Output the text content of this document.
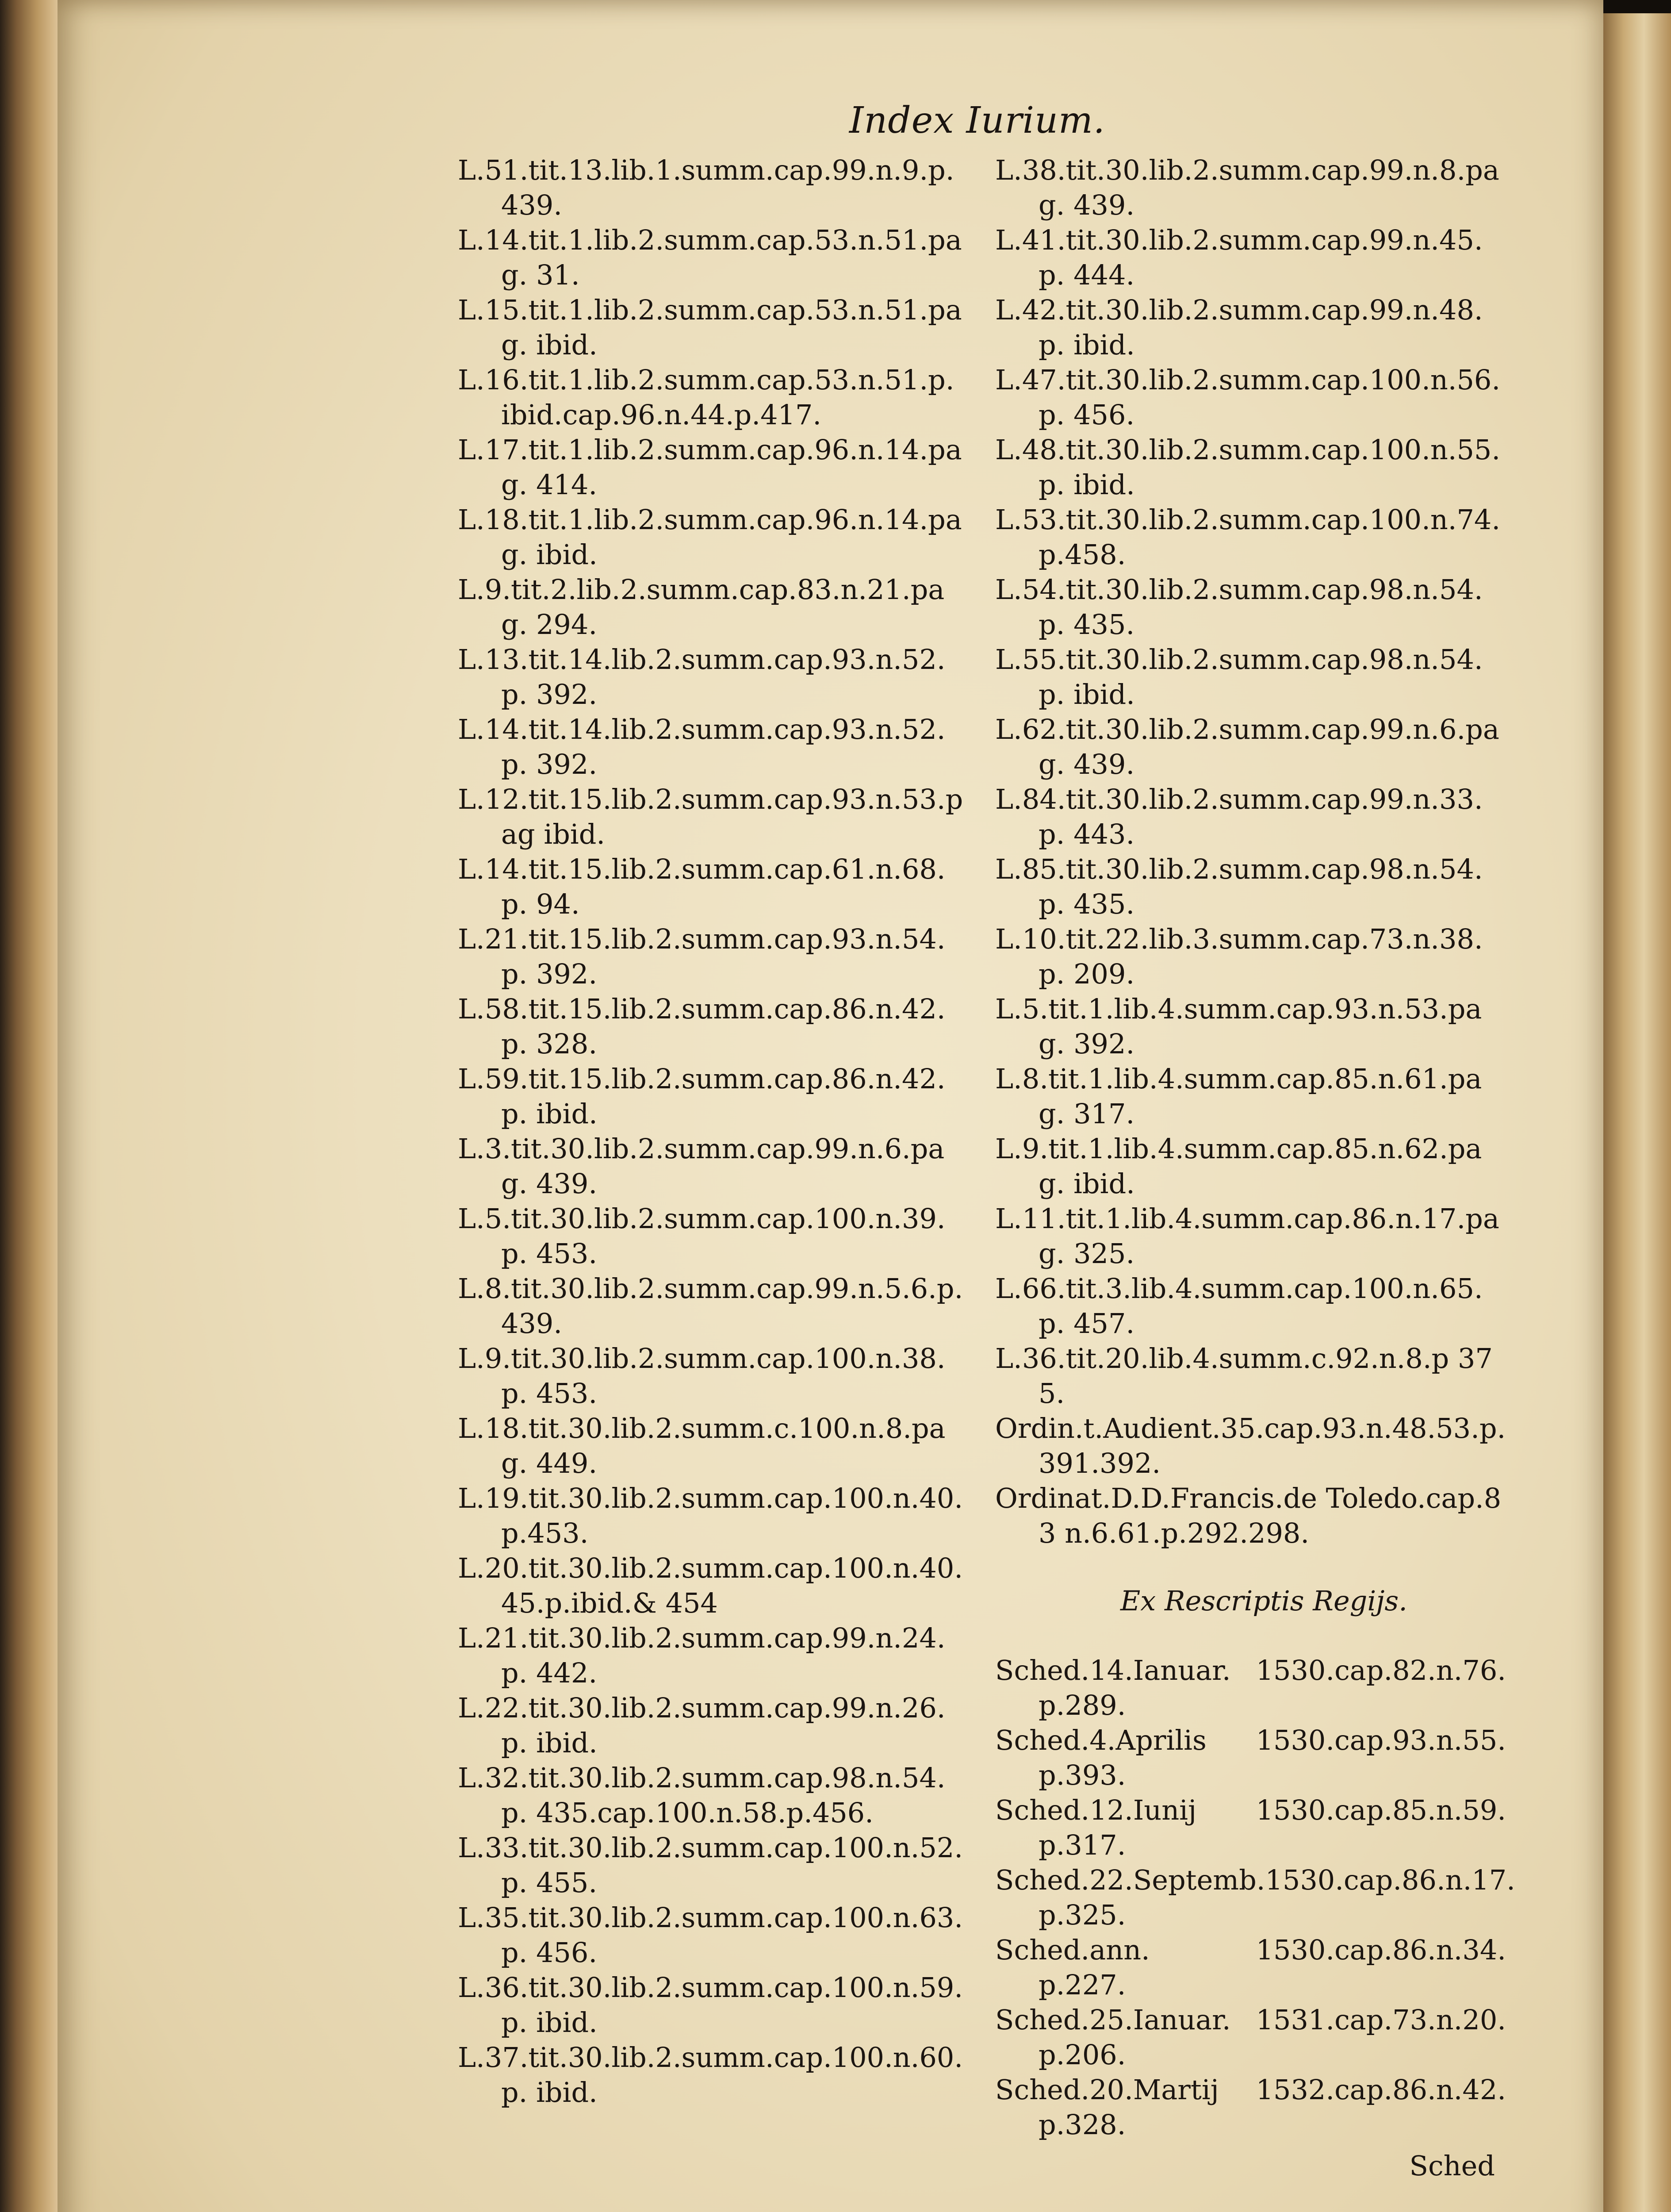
Index Iurium.
L.51.tit.13.lib.1.summ.cap.99.n.9.p. 439.
L.14.tit.1.lib.2.summ.cap.53.n.51.pag. 31.
L.15.tit.1.lib.2.summ.cap.53.n.51.pag. ibid.
L.16.tit.1.lib.2.summ.cap.53.n.51.p. ibid.cap.96.n.44.p.417.
L.17.tit.1.lib.2.summ.cap.96.n.14.pag. 414.
L.18.tit.1.lib.2.summ.cap.96.n.14.pag. ibid.
L.9.tit.2.lib.2.summ.cap.83.n.21.pag. 294.
L.13.tit.14.lib.2.summ.cap.93.n.52.p. 392.
L.14.tit.14.lib.2.summ.cap.93.n.52.p. 392.
L.12.tit.15.lib.2.summ.cap.93.n.53.pag ibid.
L.14.tit.15.lib.2.summ.cap.61.n.68.p. 94.
L.21.tit.15.lib.2.summ.cap.93.n.54.p. 392.
L.58.tit.15.lib.2.summ.cap.86.n.42.p. 328.
L.59.tit.15.lib.2.summ.cap.86.n.42.p. ibid.
L.3.tit.30.lib.2.summ.cap.99.n.6.pag. 439.
L.5.tit.30.lib.2.summ.cap.100.n.39.p. 453.
L.8.tit.30.lib.2.summ.cap.99.n.5.6.p. 439.
L.9.tit.30.lib.2.summ.cap.100.n.38.p. 453.
L.18.tit.30.lib.2.summ.c.100.n.8.pag. 449.
L.19.tit.30.lib.2.summ.cap.100.n.40. p.453.
L.20.tit.30.lib.2.summ.cap.100.n.40. 45.p.ibid.& 454
L.21.tit.30.lib.2.summ.cap.99.n.24.p. 442.
L.22.tit.30.lib.2.summ.cap.99.n.26.p. ibid.
L.32.tit.30.lib.2.summ.cap.98.n.54.p. 435.cap.100.n.58.p.456.
L.33.tit.30.lib.2.summ.cap.100.n.52.p. 455.
L.35.tit.30.lib.2.summ.cap.100.n.63.p. 456.
L.36.tit.30.lib.2.summ.cap.100.n.59.p. ibid.
L.37.tit.30.lib.2.summ.cap.100.n.60.p. ibid.
L.38.tit.30.lib.2.summ.cap.99.n.8.pag. 439.
L.41.tit.30.lib.2.summ.cap.99.n.45.p. 444.
L.42.tit.30.lib.2.summ.cap.99.n.48.p. ibid.
L.47.tit.30.lib.2.summ.cap.100.n.56.p. 456.
L.48.tit.30.lib.2.summ.cap.100.n.55.p. ibid.
L.53.tit.30.lib.2.summ.cap.100.n.74. p.458.
L.54.tit.30.lib.2.summ.cap.98.n.54.p. 435.
L.55.tit.30.lib.2.summ.cap.98.n.54.p. ibid.
L.62.tit.30.lib.2.summ.cap.99.n.6.pag. 439.
L.84.tit.30.lib.2.summ.cap.99.n.33.p. 443.
L.85.tit.30.lib.2.summ.cap.98.n.54.p. 435.
L.10.tit.22.lib.3.summ.cap.73.n.38.p. 209.
L.5.tit.1.lib.4.summ.cap.93.n.53.pag. 392.
L.8.tit.1.lib.4.summ.cap.85.n.61.pag. 317.
L.9.tit.1.lib.4.summ.cap.85.n.62.pag. ibid.
L.11.tit.1.lib.4.summ.cap.86.n.17.pag. 325.
L.66.tit.3.lib.4.summ.cap.100.n.65.p. 457.
L.36.tit.20.lib.4.summ.c.92.n.8.p 375.
Ordin.t.Audient.35.cap.93.n.48.53.p. 391.392.
Ordinat.D.D.Francis.de Toledo.cap.83 n.6.61.p.292.298.
Ex Rescriptis Regijs.
Sched.14.Ianuar. 1530.cap.82.n.76.
p.289.
Sched.4.Aprilis 1530.cap.93.n.55.
p.393.
Sched.12.Iunij 1530.cap.85.n.59.
p.317.
Sched.22.Septemb. 1530.cap.86.n.17.
p.325.
Sched.ann.	1530.cap.86.n.34.
p.227.
Sched.25.Ianuar. 1531.cap.73.n.20.
p.206.
Sched.20.Martij 1532.cap.86.n.42.
p.328.
Sched
